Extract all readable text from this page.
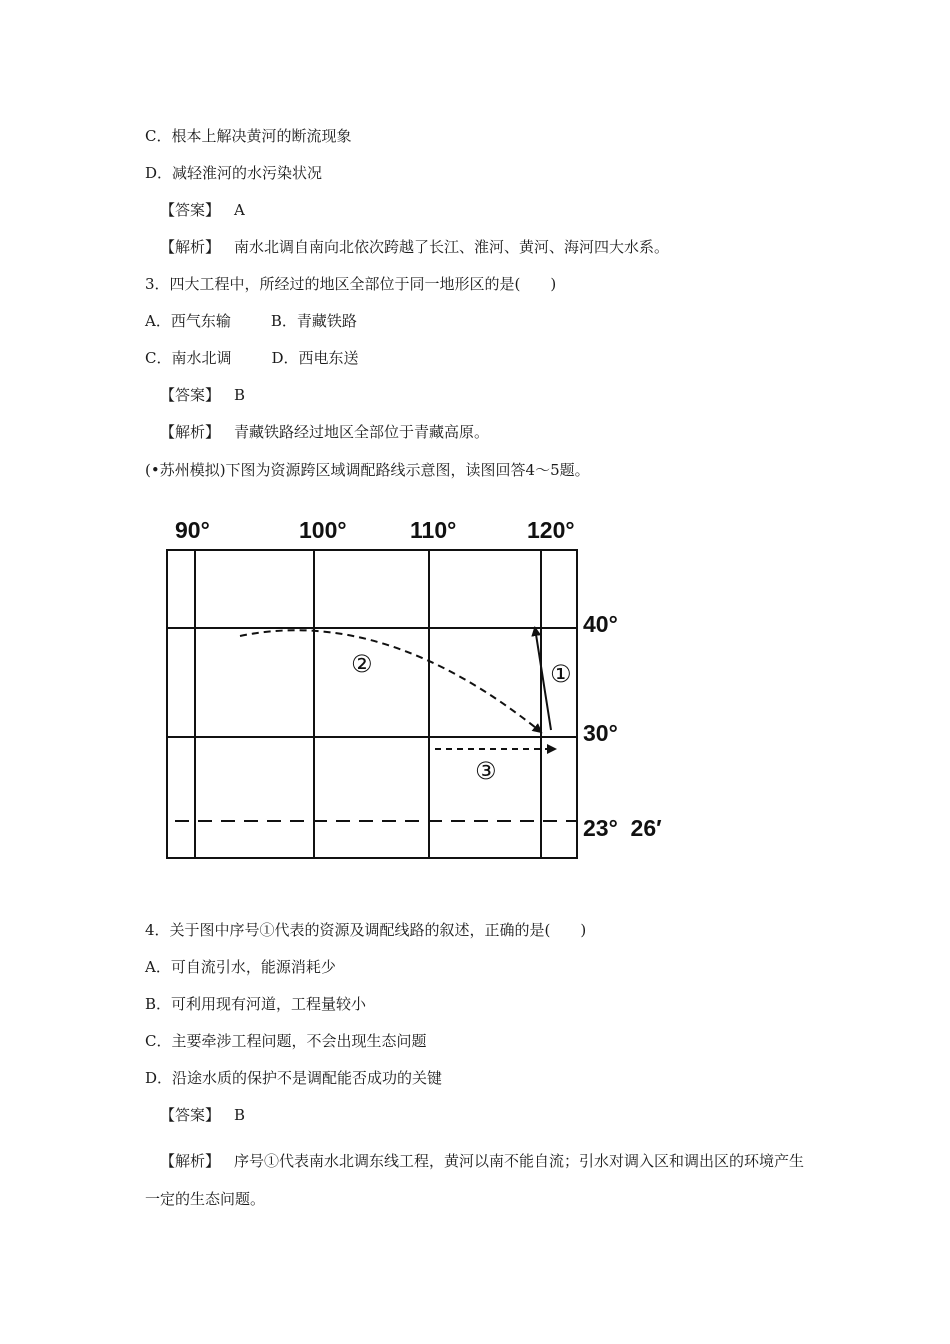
C．根本上解决黄河的断流现象
D．减轻淮河的水污染状况
【答案】 A
【解析】 南水北调自南向北依次跨越了长江、淮河、黄河、海河四大水系。
3．四大工程中，所经过的地区全部位于同一地形区的是(　　)
A．西气东输	B．青藏铁路
C．南水北调	D．西电东送
【答案】 B
【解析】 青藏铁路经过地区全部位于青藏高原。
(•苏州模拟)下图为资源跨区域调配路线示意图，读图回答4～5题。
90°	100°	110°	120°
40°
30°
23°  26′
①
②
③
4．关于图中序号①代表的资源及调配线路的叙述，正确的是(　　)
A．可自流引水，能源消耗少
B．可利用现有河道，工程量较小
C．主要牵涉工程问题，不会出现生态问题
D．沿途水质的保护不是调配能否成功的关键
【答案】 B
【解析】 序号①代表南水北调东线工程，黄河以南不能自流；引水对调入区和调出区的环境产生一定的生态问题。
